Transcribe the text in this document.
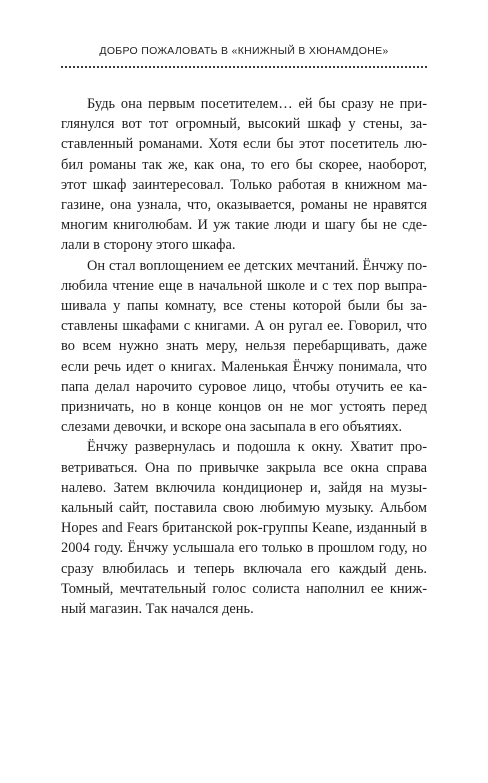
ДОБРО ПОЖАЛОВАТЬ В «КНИЖНЫЙ В ХЮНАМДОНЕ»

Будь она первым посетителем… ей бы сразу не приглянулся вот тот огромный, высокий шкаф у стены, заставленный романами. Хотя если бы этот посетитель любил романы так же, как она, то его бы скорее, наоборот, этот шкаф заинтересовал. Только работая в книжном магазине, она узнала, что, оказывается, романы не нравятся многим книголюбам. И уж такие люди и шагу бы не сделали в сторону этого шкафа.

Он стал воплощением ее детских мечтаний. Ёнчжу полюбила чтение еще в начальной школе и с тех пор выпрашивала у папы комнату, все стены которой были бы заставлены шкафами с книгами. А он ругал ее. Говорил, что во всем нужно знать меру, нельзя перебарщивать, даже если речь идет о книгах. Маленькая Ёнчжу понимала, что папа делал нарочито суровое лицо, чтобы отучить ее капризничать, но в конце концов он не мог устоять перед слезами девочки, и вскоре она засыпала в его объятиях.

Ёнчжу развернулась и подошла к окну. Хватит проветриваться. Она по привычке закрыла все окна справа налево. Затем включила кондиционер и, зайдя на музыкальный сайт, поставила свою любимую музыку. Альбом Hopes and Fears британской рок-группы Keane, изданный в 2004 году. Ёнчжу услышала его только в прошлом году, но сразу влюбилась и теперь включала его каждый день. Томный, мечтательный голос солиста наполнил ее книжный магазин. Так начался день.
